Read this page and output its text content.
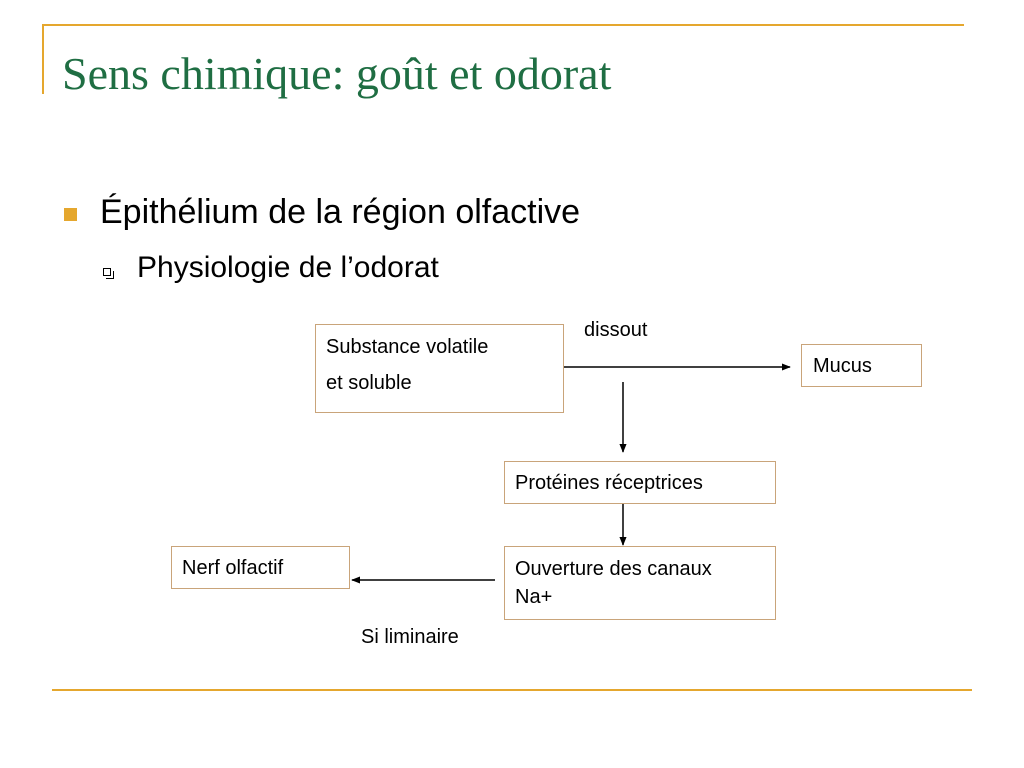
Sens chimique: goût et odorat
Épithélium de la région olfactive
Physiologie de l’odorat
Substance volatile
et soluble
Mucus
Protéines réceptrices
Ouverture des canaux
Na+
Nerf olfactif
dissout
Si liminaire
